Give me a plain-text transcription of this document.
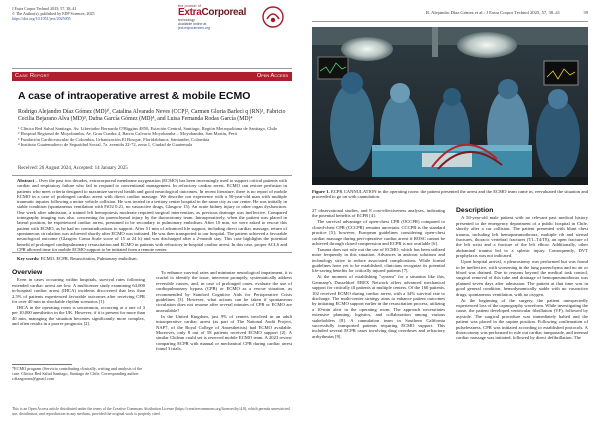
J Extra Corpor Technol 2025; 57, 38–41
© The Author(s), published by EDP Sciences, 2025
https://doi.org/10.1051/ject/2025005
the journal of
ExtraCorporeal
technology
Available online at
ject.edpsciences.org
Case Report	Open Access
A case of intraoperative arrest & mobile ECMO
Rodrigo Alejandro Díaz Gómez (MD)¹ⁱ, Catalina Alvarado Neves (CCP)², Carmen Gloria Barleci q (RN)¹, Fabricio Cecilia Bejarano Alva (MD)³, Dafna García Gómez (MD)⁴, and Luisa Fernanda Rodas García (MD)⁴
¹ Clínica Red Salud Santiago, Av. Libertador Bernardo O'Higgins 4850, Estación Central, Santiago, Región Metropolitana de Santiago, Chile
² Hospital Regional de Moyobamba, Av. Grau Cuadra 4, Barrio Calvario Moyobamba – Moyobamba, San Martín, Perú
³ Fundación Cardiovascular de Colombia, Urbanización El Bosque, Floridablanca, Santander, Colombia
⁴ Instituto Guatemalteco de Seguridad Social, 7a. avenida 22-72, zona 1, Ciudad de Guatemala
Received: 26 August 2024, Accepted: 14 January 2025
Abstract – Over the past two decades, extracorporeal membrane oxygenation (ECMO) has been increasingly used to support critical patients with cardiac and respiratory failure who fail to respond to conventional management. In refractory cardiac arrest, ECMO can restore perfusion in patients who meet criteria designed to maximize survival health and good neurological outcomes. In recent literature, there is no report of mobile ECMO in a case of prolonged cardiac arrest with direct cardiac massage. We describe our experience with a 50-year-old man with multiple traumatic injuries following a motor vehicle collision. He was treated in a tertiary center hospital in the same city as our center. He was initially in stable condition (spontaneous ventilation with FiO2 0.21, no vasoactive drugs, Glasgow 15). An acute kidney injury or other organ dysfunction. One week after admission, a trained left hemopoiesis moderate required surgical intervention, as previous drainage was ineffective. Compared tomography imaging was also. concerning for parenchymal injury by the thoracotomy team. Intraoperatively, when the patient was placed in lateral position, he experienced cardiac arrest, presumed to be secondary to pulmonary embolism. After 10 min, we were asked to rescue this patient with ECMO, as he had no contraindications to support. After 51 min of advanced life support, including direct cardiac massage, return of spontaneous circulation was achieved shortly after ECMO was initiated. He was then transported to our hospital. The patient achieved a favorable neurological outcome (Glasgow Coma Scale score of 15 at 24 h) and was discharged after a 2-month stay. This case highlights the potential benefit of prolonged cardiopulmonary resuscitation and ECMO in patients with refractory in-hospital cardiac arrest. In this case, proper ACLS and CPR allowed time for mobile ECMO support to be initiated from a remote center.
Key words: ECMO, ECPR, Resuscitation, Pulmonary embolism.
Overview

Even in cases occurring within hospitals, survival rates following extended cardiac arrest are low. A multicenter study examining 64,000 in-hospital cardiac arrest (IHCA) incidents discovered that less than 2.5% of patients experienced favorable outcomes after receiving CPR for over 40 min in shockable rhythm scenarios [1].

IHCA in the operating room is uncommon, occurring at a rate of 3 per 10,000 anesthetics in the UK. However, if it is present for more than 40 min, managing the situation becomes significantly more complex, and often results in a poorer prognosis [2].

*ECMO program (Servicio contributing clinically, writing and analysis of the case. Clínica Red Salud Santiago, Santiago de Chile. Corresponding author: r.diazgomez@gmail.com

To enhance survival rates and minimize neurological impairment, it is crucial to identify the issue, intervene promptly, systematically address reversible causes, and, in case of prolonged cases, evaluate the use of cardiopulmonary bypass (CPB) or ECMO as a rescue situation, as recommended by Stanford Cognitive Aids for Perioperative Crisis guidelines [3]. However, what actions can be taken if spontaneous circulation does not resume after several minutes of CPR or ECMO are unavailable?

In the United Kingdom, just 9% of centers involved in an adult intraoperative cardiac arrest (as part of The National Audit Project, NAP7, of the Royal College of Anaesthetists) had ECMO available. Moreover, only 8 out of 58 patients received ECMO support [2]. A similar Chilean could set is reserved mobile ECMO team. A 2023 review comparing ECPR with manual or mechanical CPR during cardiac arrest found 3 trials,

This is an Open Access article distributed under the terms of the Creative Commons Attribution License (https://creativecommons.org/licenses/by/4.0), which permits unrestricted use, distribution, and reproduction in any medium, provided the original work is properly cited.
R. Alejandro Díaz Gómez et al.: J Extra Corpor Technol 2025, 57, 38–41	39
Figure 1. ECPR CANNULATION in the operating room: the patient presented the arrest and the ECMO team came in, reevaluated the situation and proceeded to go on with cannulation.

27 observational studies, and 8 cost-effectiveness analyses, indicating the potential benefits of ECPR [4].

The survival advantage of open-chest CPR (OCCPR) compared to closed-chest CPR (CCCPR) remains uncertain. CCCPR is the standard practice [5]; however, European guidelines considering open-chest cardiac massage during peri-operative cardiac arrest if ROSC cannot be achieved through closed compression and ECPR is not available [6].

Trauma does not rule out the use of ECMO, which has been utilized more frequently in this situation. Advances in anticoat solutions and technology strive to reduce associated complications. While formal guidelines have yet to be established, clinicians recognize its potential life-saving benefits for critically injured patients [7].

At the moment of establishing "system" for a situation like this, Germany's Dusseldorf EREX Network offers advanced mechanical support for critically ill patients at multiple centers. Of the 160 patients, 102 received ECMO during cardiac arrest, with a 34% survival rate to discharge. The multi-center strategy aims to enhance patient outcomes by initiating ECMO support earlier in the resuscitation process, utilizing a 10-min alert in the operating room. The approach necessitates extensive planning, logistics, and collaboration among various stakeholders [8]. A cannulation team in Southern California successfully transported patients requiring ECMO support. This included several ECPR cases involving drug overdoses and refractory arrhythmias [9].

Description

A 50-year-old male patient with no relevant past medical history presented to the emergency department of a public hospital in Chile, shortly after a car collision. The patient presented with blunt chest trauma, including left hemopneumothorax, multiple rib and sternal fractures, thoracic vertebral fractures (T1–T4/T8), an open fracture of the left wrist and a fracture of the left elbow. Additionally, other abdominal trauma led to a splenic injury. Consequently, DVT prophylaxis was not indicated.

Upon hospital arrival, a pleurostomy was performed but was found to be ineffective, with worsening in the lung parenchyma and no air or blood was drained. Due to reasons beyond the medical task control, surgical removal of this tube and drainage of hemopneumothorax was planned seven days after admission. The patient at that time was in good general condition, hemodynamically stable with no vasoactive drugs, spontaneous ventilation, with no oxygen.

At the beginning of the surgery, the patient unexpectedly experienced loss of the capnography waveform. While investigating the cause, the patient developed ventricular fibrillation (VF), followed by asystole. The surgical procedure was immediately halted and the patient was placed in the supine position. Following confirmation of pulselessness, CPR was initiated according to established protocols. A thoracotomy was performed to rule out cardiac tamponade, and internal cardiac massage was initiated, followed by direct defibrillation. The
